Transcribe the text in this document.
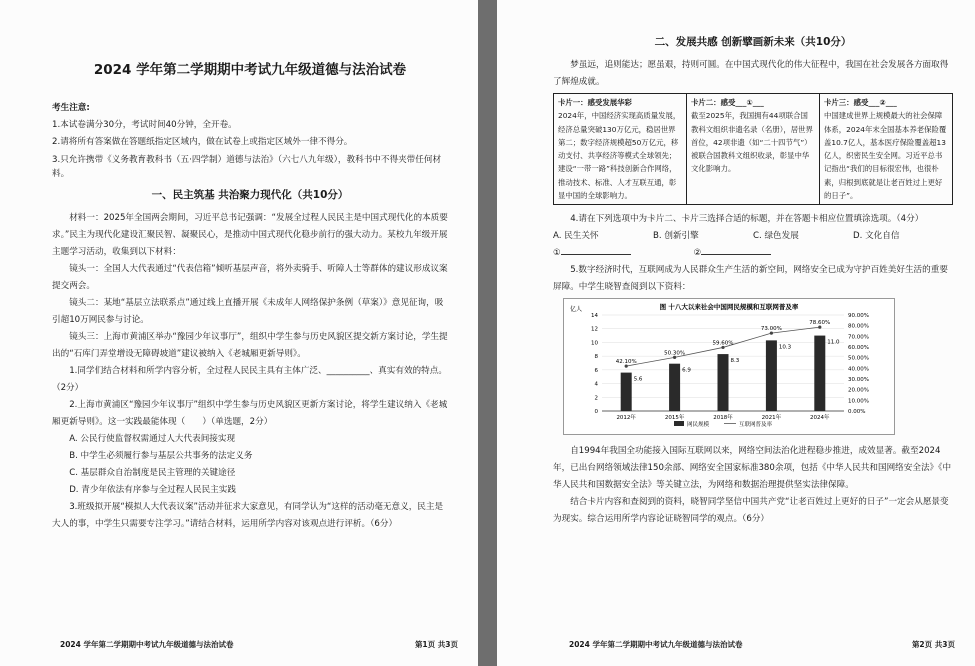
2024 学年第二学期期中考试九年级道德与法治试卷

考生注意:

1.本试卷满分30分，考试时间40分钟，全开卷。

2.请将所有答案做在答题纸指定区域内，做在试卷上或指定区域外一律不得分。

3.只允许携带《义务教育教科书（五·四学制）道德与法治》（六七八九年级），教科书中不得夹带任何材料。

一、民主筑基 共治聚力现代化（共10分）

材料一：2025年全国两会期间，习近平总书记强调：“发展全过程人民民主是中国式现代化的本质要求。”民主为现代化建设汇聚民智、凝聚民心，是推动中国式现代化稳步前行的强大动力。某校九年级开展主题学习活动，收集到以下材料：

镜头一：全国人大代表通过“代表信箱”倾听基层声音，将外卖骑手、听障人士等群体的建议形成议案提交两会。

镜头二：某地“基层立法联系点”通过线上直播开展《未成年人网络保护条例（草案）》意见征询，吸引超10万网民参与讨论。

镜头三：上海市黄浦区举办“豫园少年议事厅”，组织中学生参与历史风貌区提交新方案讨论，学生提出的“石库门弄堂增设无障碍坡道”建议被纳入《老城厢更新导则》。

1.同学们结合材料和所学内容分析，全过程人民民主具有主体广泛、__________、真实有效的特点。（2分）

2.上海市黄浦区“豫园少年议事厅”组织中学生参与历史风貌区更新方案讨论，将学生建议纳入《老城厢更新导则》。这一实践最能体现（　　）（单选题，2分）

A. 公民行使监督权需通过人大代表间接实现

B. 中学生必须履行参与基层公共事务的法定义务

C. 基层群众自治制度是民主管理的关键途径

D. 青少年依法有序参与全过程人民民主实践

3.班级拟开展“模拟人大代表议案”活动并征求大家意见，有同学认为“这样的活动毫无意义，民主是大人的事，中学生只需要专注学习。”请结合材料，运用所学内容对该观点进行评析。（6分）

2024 学年第二学期期中考试九年级道德与法治试卷	第1页 共3页

二、发展共感 创新擘画新未来（共10分）

梦虽远，追则能达；愿虽艰，持则可圆。在中国式现代化的伟大征程中，我国在社会发展各方面取得了辉煌成就。

卡片一：感受发展华彩
2024年，中国经济实现高质量发展，经济总量突破130万亿元，稳居世界第二；数字经济规模超50万亿元，移动支付、共享经济等模式全球领先；建设“一带一路”科技创新合作网络，推动技术、标准、人才互联互通，彰显中国的全球影响力。
卡片二：感受___①___
截至2025年，我国拥有44项联合国教科文组织非遗名录（名册），居世界首位，42项非遗（如“二十四节气”）被联合国教科文组织收录，彰显中华文化影响力。
卡片三：感受___②___
中国建成世界上规模最大的社会保障体系，2024年末全国基本养老保险覆盖10.7亿人，基本医疗保险覆盖超13亿人，织密民生安全网。习近平总书记指出“我们的目标很宏伟，也很朴素，归根到底就是让老百姓过上更好的日子”。

4.请在下列选项中为卡片二、卡片三选择合适的标题，并在答题卡相应位置填涂选项。（4分）

A. 民生关怀	B. 创新引擎	C. 绿色发展	D. 文化自信

①	②

5.数字经济时代，互联网成为人民群众生产生活的新空间，网络安全已成为守护百姓美好生活的重要屏障。中学生晓智查阅到以下资料：

图 十八大以来社会中国网民规模和互联网普及率
亿人
0
2
4
6
8
10
12
14
0.00%
10.00%
20.00%
30.00%
40.00%
50.00%
60.00%
70.00%
80.00%
90.00%
5.6
2012年
6.9
2015年
8.3
2018年
10.3
2021年
11.0
2024年
42.10%
50.30%
59.60%
73.00%
78.60%
网民规模	互联网普及率

自1994年我国全功能接入国际互联网以来，网络空间法治化进程稳步推进，成效显著。截至2024年，已出台网络领域法律150余部、网络安全国家标准380余项，包括《中华人民共和国网络安全法》《中华人民共和国数据安全法》等关键立法，为网络和数据治理提供坚实法律保障。

结合卡片内容和查阅到的资料，晓智同学坚信中国共产党“让老百姓过上更好的日子”一定会从愿景变为现实。综合运用所学内容论证晓智同学的观点。（6分）

2024 学年第二学期期中考试九年级道德与法治试卷	第2页 共3页
